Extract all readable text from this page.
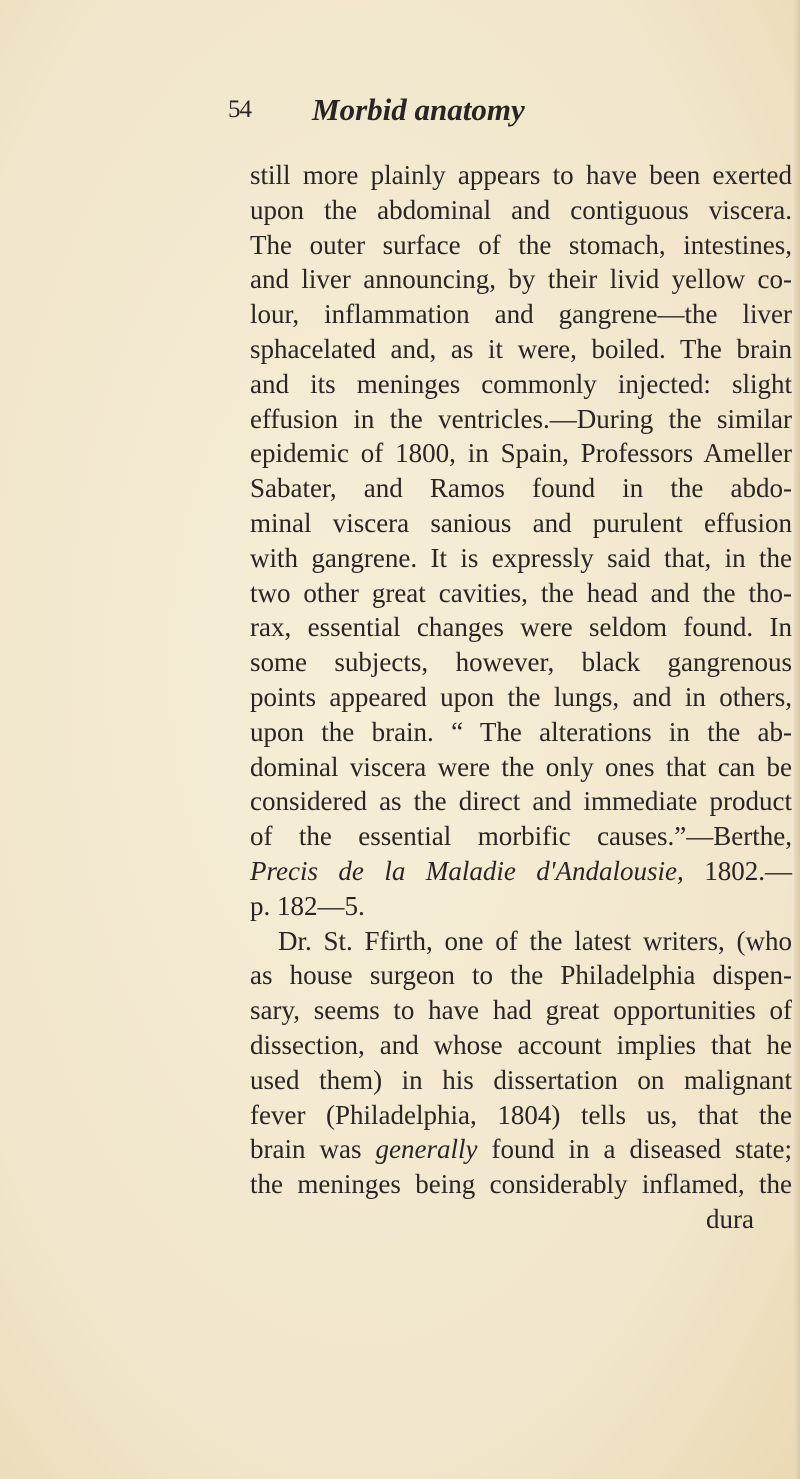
54 Morbid anatomy
still more plainly appears to have been exerted
upon the abdominal and contiguous viscera.
The outer surface of the stomach, intestines,
and liver announcing, by their livid yellow co-
lour, inflammation and gangrene—the liver
sphacelated and, as it were, boiled. The brain
and its meninges commonly injected: slight
effusion in the ventricles.—During the similar
epidemic of 1800, in Spain, Professors Ameller
Sabater, and Ramos found in the abdo-
minal viscera sanious and purulent effusion
with gangrene. It is expressly said that, in the
two other great cavities, the head and the tho-
rax, essential changes were seldom found. In
some subjects, however, black gangrenous
points appeared upon the lungs, and in others,
upon the brain. “ The alterations in the ab-
dominal viscera were the only ones that can be
considered as the direct and immediate product
of the essential morbific causes.”—Berthe,
Precis de la Maladie d'Andalousie, 1802.—
p. 182—5.
Dr. St. Ffirth, one of the latest writers, (who
as house surgeon to the Philadelphia dispen-
sary, seems to have had great opportunities of
dissection, and whose account implies that he
used them) in his dissertation on malignant
fever (Philadelphia, 1804) tells us, that the
brain was generally found in a diseased state;
the meninges being considerably inflamed, the
dura
